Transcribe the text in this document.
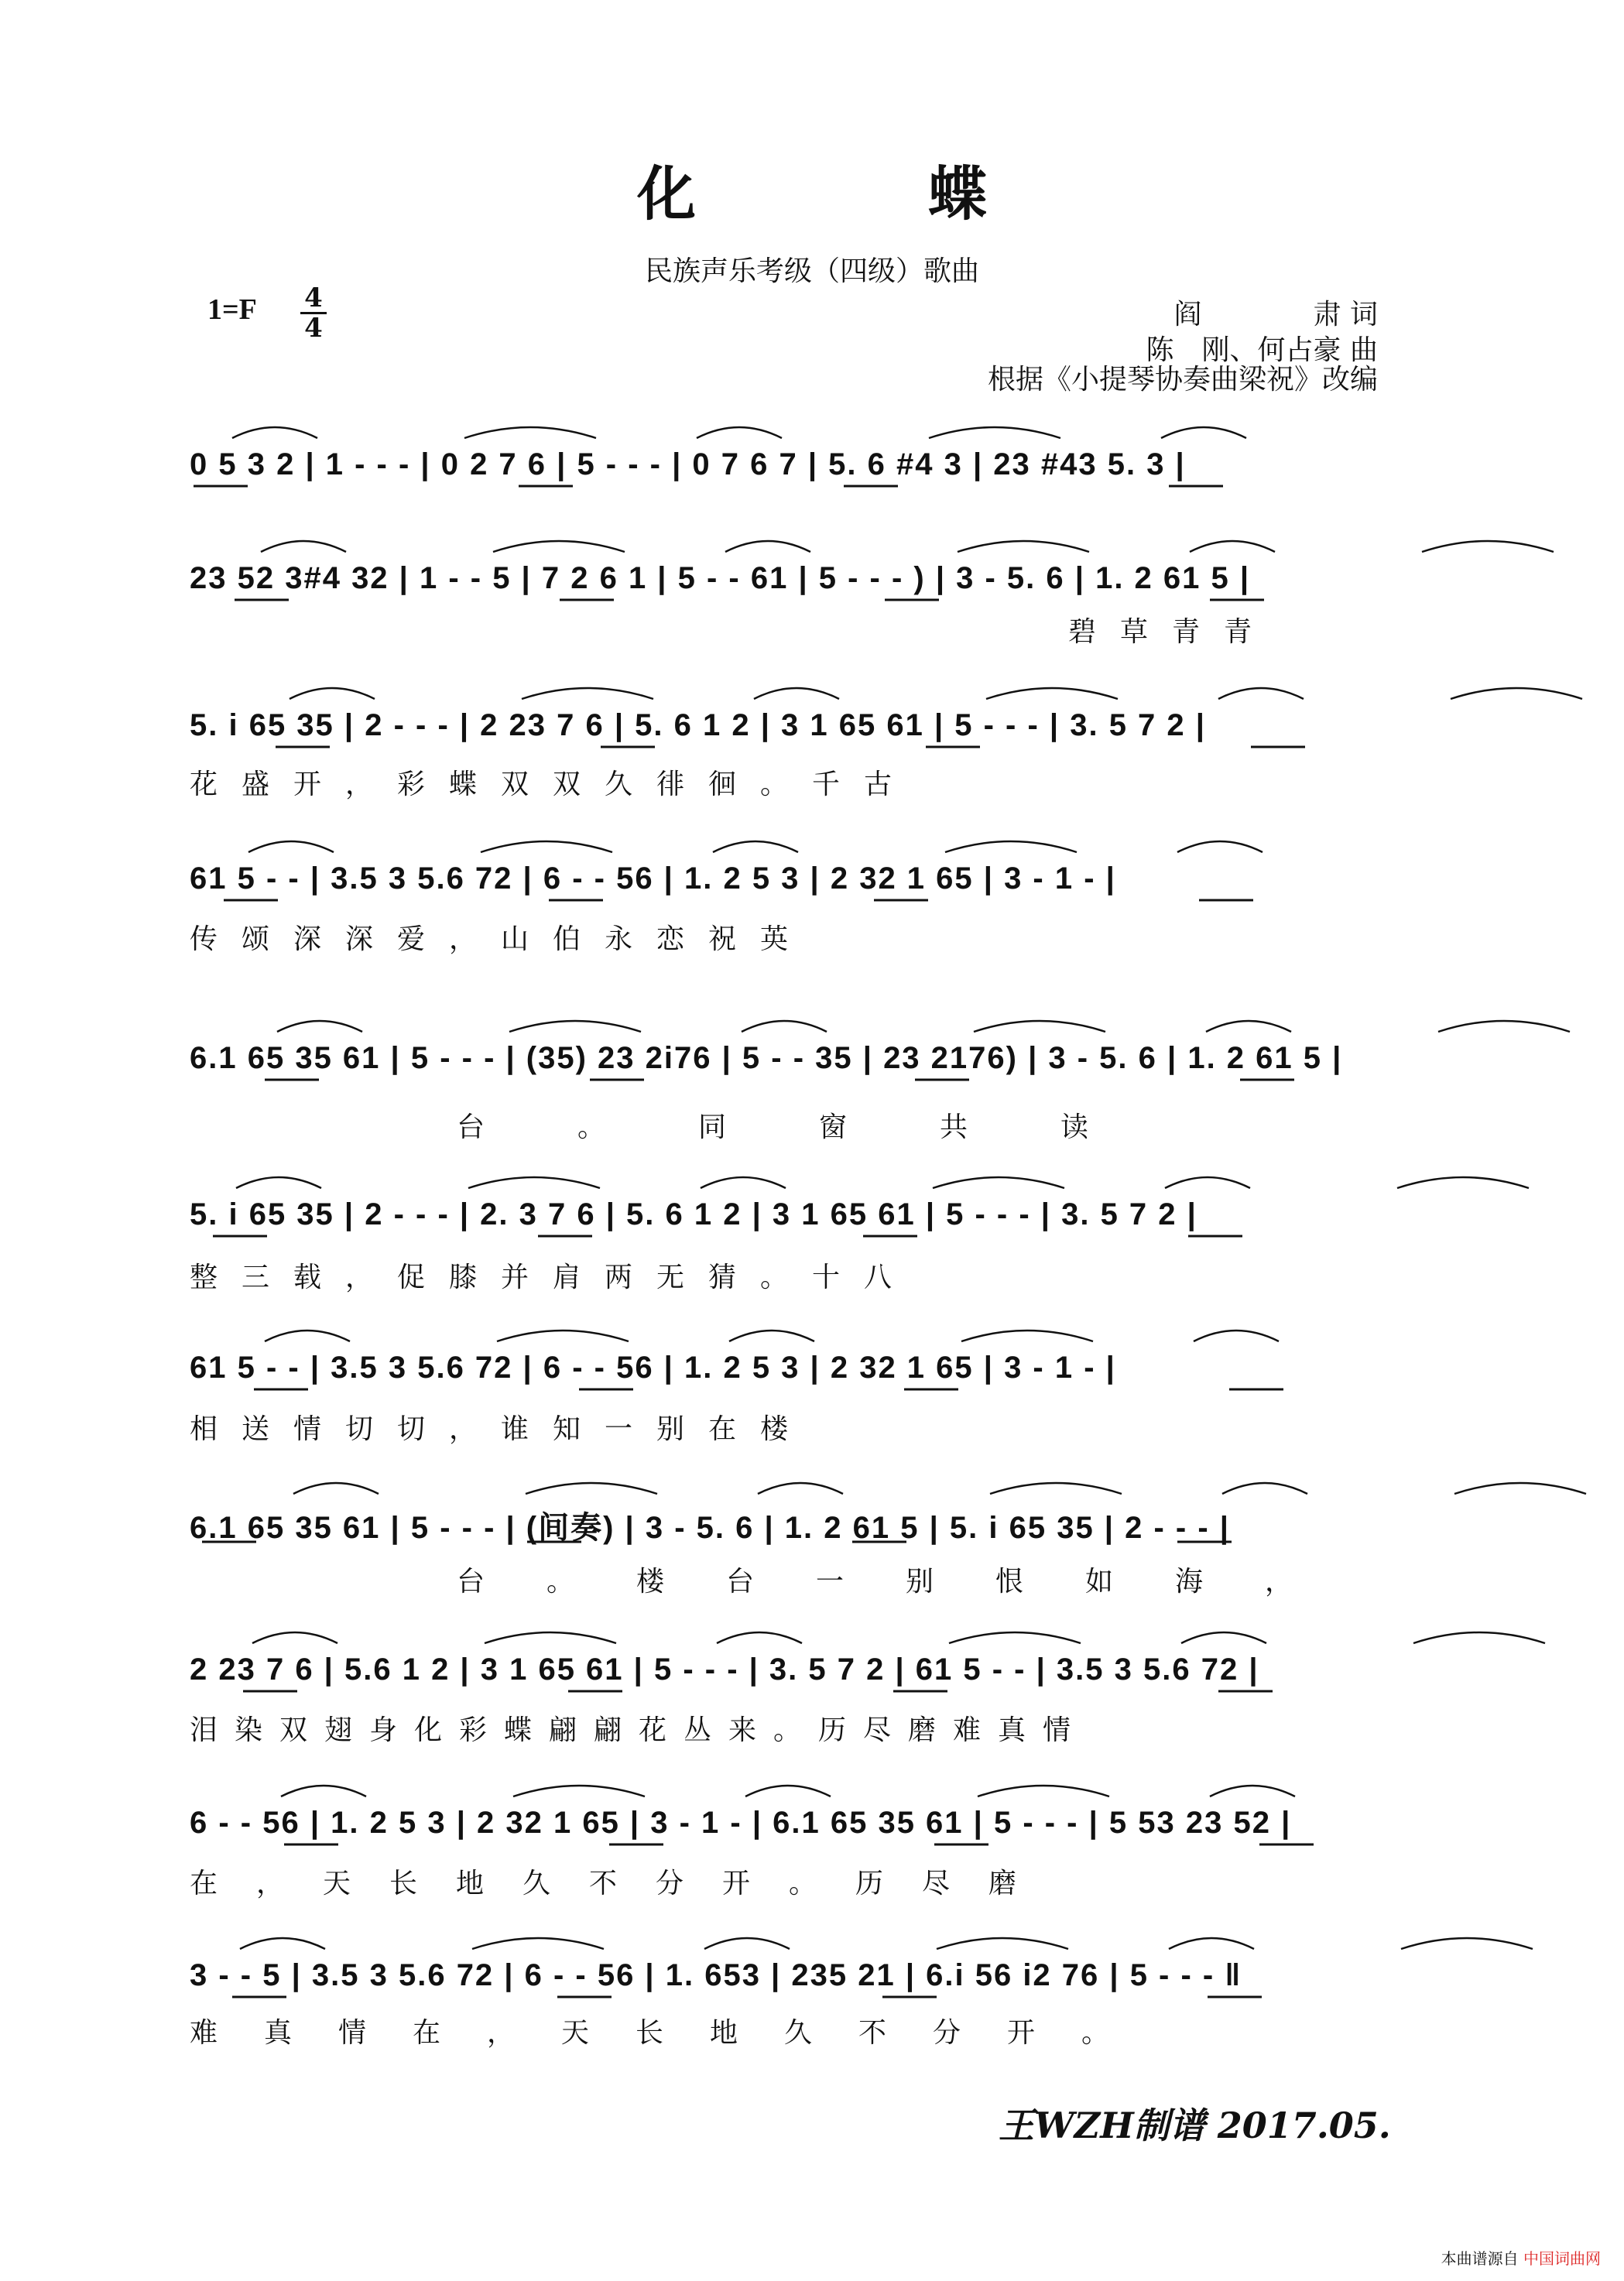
化蝶
民族声乐考级（四级）歌曲
1=F 4
4	阎　　　　肃 词
陈　刚、何占豪 曲
根据《小提琴协奏曲梁祝》改编
0 5 3 2 | 1 - - - | 0 2 7 6 | 5 - - - | 0 7 6 7 | 5. 6 #4 3 | 23 #43 5. 3 |
23 52 3#4 32 | 1 - - 5 | 7 2 6 1 | 5 - - 61 | 5 - - - ) | 3 - 5. 6 | 1. 2 61 5 |
碧草青青
5. i 65 35 | 2 - - - | 2 23 7 6 | 5. 6 1 2 | 3 1 65 61 | 5 - - - | 3. 5 7 2 |
花盛开，彩蝶双双久徘徊。千古
61 5 - - | 3.5 3 5.6 72 | 6 - - 56 | 1. 2 5 3 | 2 32 1 65 | 3 - 1 - |
传颂深深爱，山伯永恋祝英
6.1 65 35 61 | 5 - - - | (35) 23 2i76 | 5 - - 35 | 23 2176) | 3 - 5. 6 | 1. 2 61 5 |
台。同窗共读
5. i 65 35 | 2 - - - | 2. 3 7 6 | 5. 6 1 2 | 3 1 65 61 | 5 - - - | 3. 5 7 2 |
整三载，促膝并肩两无猜。十八
61 5 - - | 3.5 3 5.6 72 | 6 - - 56 | 1. 2 5 3 | 2 32 1 65 | 3 - 1 - |
相送情切切，谁知一别在楼
6.1 65 35 61 | 5 - - - | (间奏) | 3 - 5. 6 | 1. 2 61 5 | 5. i 65 35 | 2 - - - |
台。楼台一别恨如海，
2 23 7 6 | 5.6 1 2 | 3 1 65 61 | 5 - - - | 3. 5 7 2 | 61 5 - - | 3.5 3 5.6 72 |
泪染双翅身化彩蝶翩翩花丛来。历尽磨难真情
6 - - 56 | 1. 2 5 3 | 2 32 1 65 | 3 - 1 - | 6.1 65 35 61 | 5 - - - | 5 53 23 52 |
在，天长地久不分开。历尽磨
3 - - 5 | 3.5 3 5.6 72 | 6 - - 56 | 1. 653 | 235 21 | 6.i 56 i2 76 | 5 - - - ‖
难真情在，天长地久不分开。
王WZH制谱 2017.05.
本曲谱源自 中国词曲网
